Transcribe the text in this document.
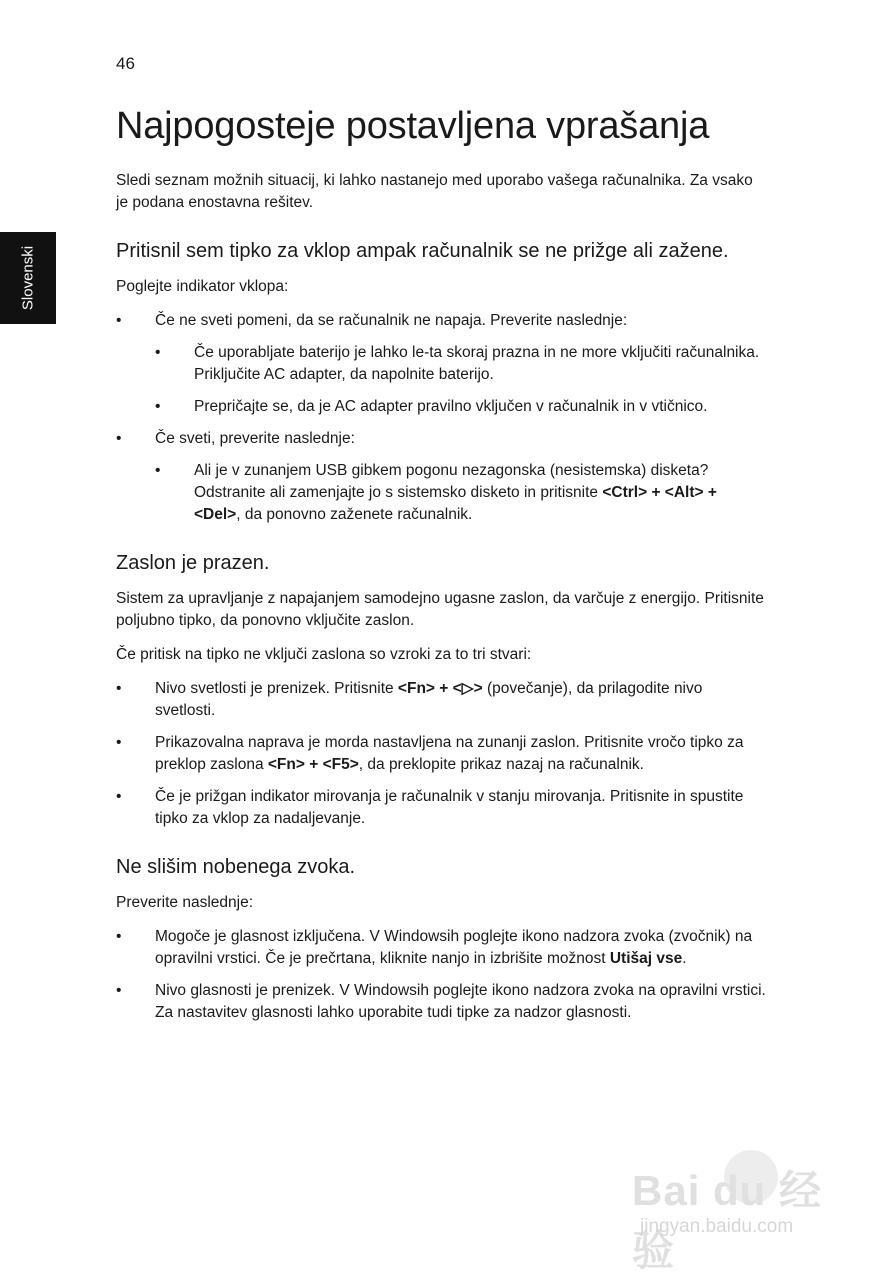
46
Slovenski
Najpogosteje postavljena vprašanja

Sledi seznam možnih situacij, ki lahko nastanejo med uporabo vašega računalnika. Za vsako je podana enostavna rešitev.

Pritisnil sem tipko za vklop ampak računalnik se ne prižge ali zažene.

Poglejte indikator vklopa:

• Če ne sveti pomeni, da se računalnik ne napaja. Preverite naslednje:
• Če uporabljate baterijo je lahko le-ta skoraj prazna in ne more vključiti računalnika. Priključite AC adapter, da napolnite baterijo.
• Prepričajte se, da je AC adapter pravilno vključen v računalnik in v vtičnico.
• Če sveti, preverite naslednje:
• Ali je v zunanjem USB gibkem pogonu nezagonska (nesistemska) disketa? Odstranite ali zamenjajte jo s sistemsko disketo in pritisnite <Ctrl> + <Alt> + <Del>, da ponovno zaženete računalnik.
Zaslon je prazen.

Sistem za upravljanje z napajanjem samodejno ugasne zaslon, da varčuje z energijo. Pritisnite poljubno tipko, da ponovno vključite zaslon.

Če pritisk na tipko ne vključi zaslona so vzroki za to tri stvari:

• Nivo svetlosti je prenizek. Pritisnite <Fn> + <▷> (povečanje), da prilagodite nivo svetlosti.
• Prikazovalna naprava je morda nastavljena na zunanji zaslon. Pritisnite vročo tipko za preklop zaslona <Fn> + <F5>, da preklopite prikaz nazaj na računalnik.
• Če je prižgan indikator mirovanja je računalnik v stanju mirovanja. Pritisnite in spustite tipko za vklop za nadaljevanje.
Ne slišim nobenega zvoka.

Preverite naslednje:

• Mogoče je glasnost izključena. V Windowsih poglejte ikono nadzora zvoka (zvočnik) na opravilni vrstici. Če je prečrtana, kliknite nanjo in izbrišite možnost Utišaj vse.
• Nivo glasnosti je prenizek. V Windowsih poglejte ikono nadzora zvoka na opravilni vrstici. Za nastavitev glasnosti lahko uporabite tudi tipke za nadzor glasnosti.
Bai du 经验
jingyan.baidu.com
